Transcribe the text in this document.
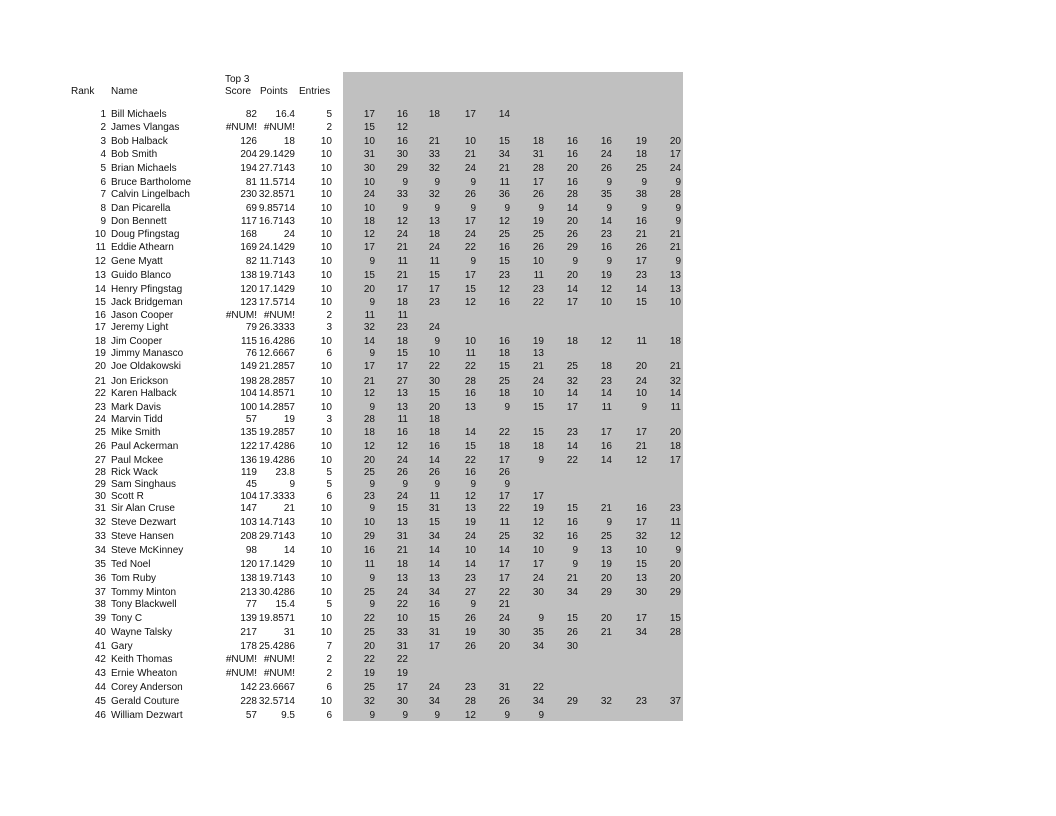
Rank Name
Top 3
Score Points Entries
1 Bill Michaels	82	16.4	5	17	16	18	17	14
2 James Vlangas	#NUM! #NUM!	2	15	12
3 Bob Halback	126	18	10	10	16	21	10	15	18	16	16	19	20
4 Bob Smith	204 29.1429	10	31	30	33	21	34	31	16	24	18	17
5 Brian Michaels	194 27.7143	10	30	29	32	24	21	28	20	26	25	24
6 Bruce Bartholome	81 11.5714	10	10	9	9	9	11	17	16	9	9	9
7 Calvin Lingelbach	230 32.8571	10	24	33	32	26	36	26	28	35	38	28
8 Dan Picarella	69 9.85714	10	10	9	9	9	9	9	14	9	9	9
9 Don Bennett	117 16.7143	10	18	12	13	17	12	19	20	14	16	9
10 Doug Pfingstag	168	24	10	12	24	18	24	25	25	26	23	21	21
11 Eddie Athearn	169 24.1429	10	17	21	24	22	16	26	29	16	26	21
12 Gene Myatt	82 11.7143	10	9	11	11	9	15	10	9	9	17	9
13 Guido Blanco	138 19.7143	10	15	21	15	17	23	11	20	19	23	13
14 Henry Pfingstag	120 17.1429	10	20	17	17	15	12	23	14	12	14	13
15 Jack Bridgeman	123 17.5714	10	9	18	23	12	16	22	17	10	15	10
16 Jason Cooper	#NUM! #NUM!	2	11	11
17 Jeremy Light	79 26.3333	3	32	23	24
18 Jim Cooper	115 16.4286	10	14	18	9	10	16	19	18	12	11	18
19 Jimmy Manasco	76 12.6667	6	9	15	10	11	18	13
20 Joe Oldakowski	149 21.2857	10	17	17	22	22	15	21	25	18	20	21
21 Jon Erickson	198 28.2857	10	21	27	30	28	25	24	32	23	24	32
22 Karen Halback	104 14.8571	10	12	13	15	16	18	10	14	14	10	14
23 Mark Davis	100 14.2857	10	9	13	20	13	9	15	17	11	9	11
24 Marvin Tidd	57	19	3	28	11	18
25 Mike Smith	135 19.2857	10	18	16	18	14	22	15	23	17	17	20
26 Paul Ackerman	122 17.4286	10	12	12	16	15	18	18	14	16	21	18
27 Paul Mckee	136 19.4286	10	20	24	14	22	17	9	22	14	12	17
28 Rick Wack	119	23.8	5	25	26	26	16	26
29 Sam Singhaus	45	9	5	9	9	9	9	9
30 Scott R	104 17.3333	6	23	24	11	12	17	17
31 Sir Alan Cruse	147	21	10	9	15	31	13	22	19	15	21	16	23
32 Steve Dezwart	103 14.7143	10	10	13	15	19	11	12	16	9	17	11
33 Steve Hansen	208 29.7143	10	29	31	34	24	25	32	16	25	32	12
34 Steve McKinney	98	14	10	16	21	14	10	14	10	9	13	10	9
35 Ted Noel	120 17.1429	10	11	18	14	14	17	17	9	19	15	20
36 Tom Ruby	138 19.7143	10	9	13	13	23	17	24	21	20	13	20
37 Tommy Minton	213 30.4286	10	25	24	34	27	22	30	34	29	30	29
38 Tony Blackwell	77	15.4	5	9	22	16	9	21
39 Tony C	139 19.8571	10	22	10	15	26	24	9	15	20	17	15
40 Wayne Talsky	217	31	10	25	33	31	19	30	35	26	21	34	28
41 Gary	178 25.4286	7	20	31	17	26	20	34	30
42 Keith Thomas	#NUM! #NUM!	2	22	22
43 Ernie Wheaton	#NUM! #NUM!	2	19	19
44 Corey Anderson	142 23.6667	6	25	17	24	23	31	22
45 Gerald Couture	228 32.5714	10	32	30	34	28	26	34	29	32	23	37
46 William Dezwart	57	9.5	6	9	9	9	12	9	9
